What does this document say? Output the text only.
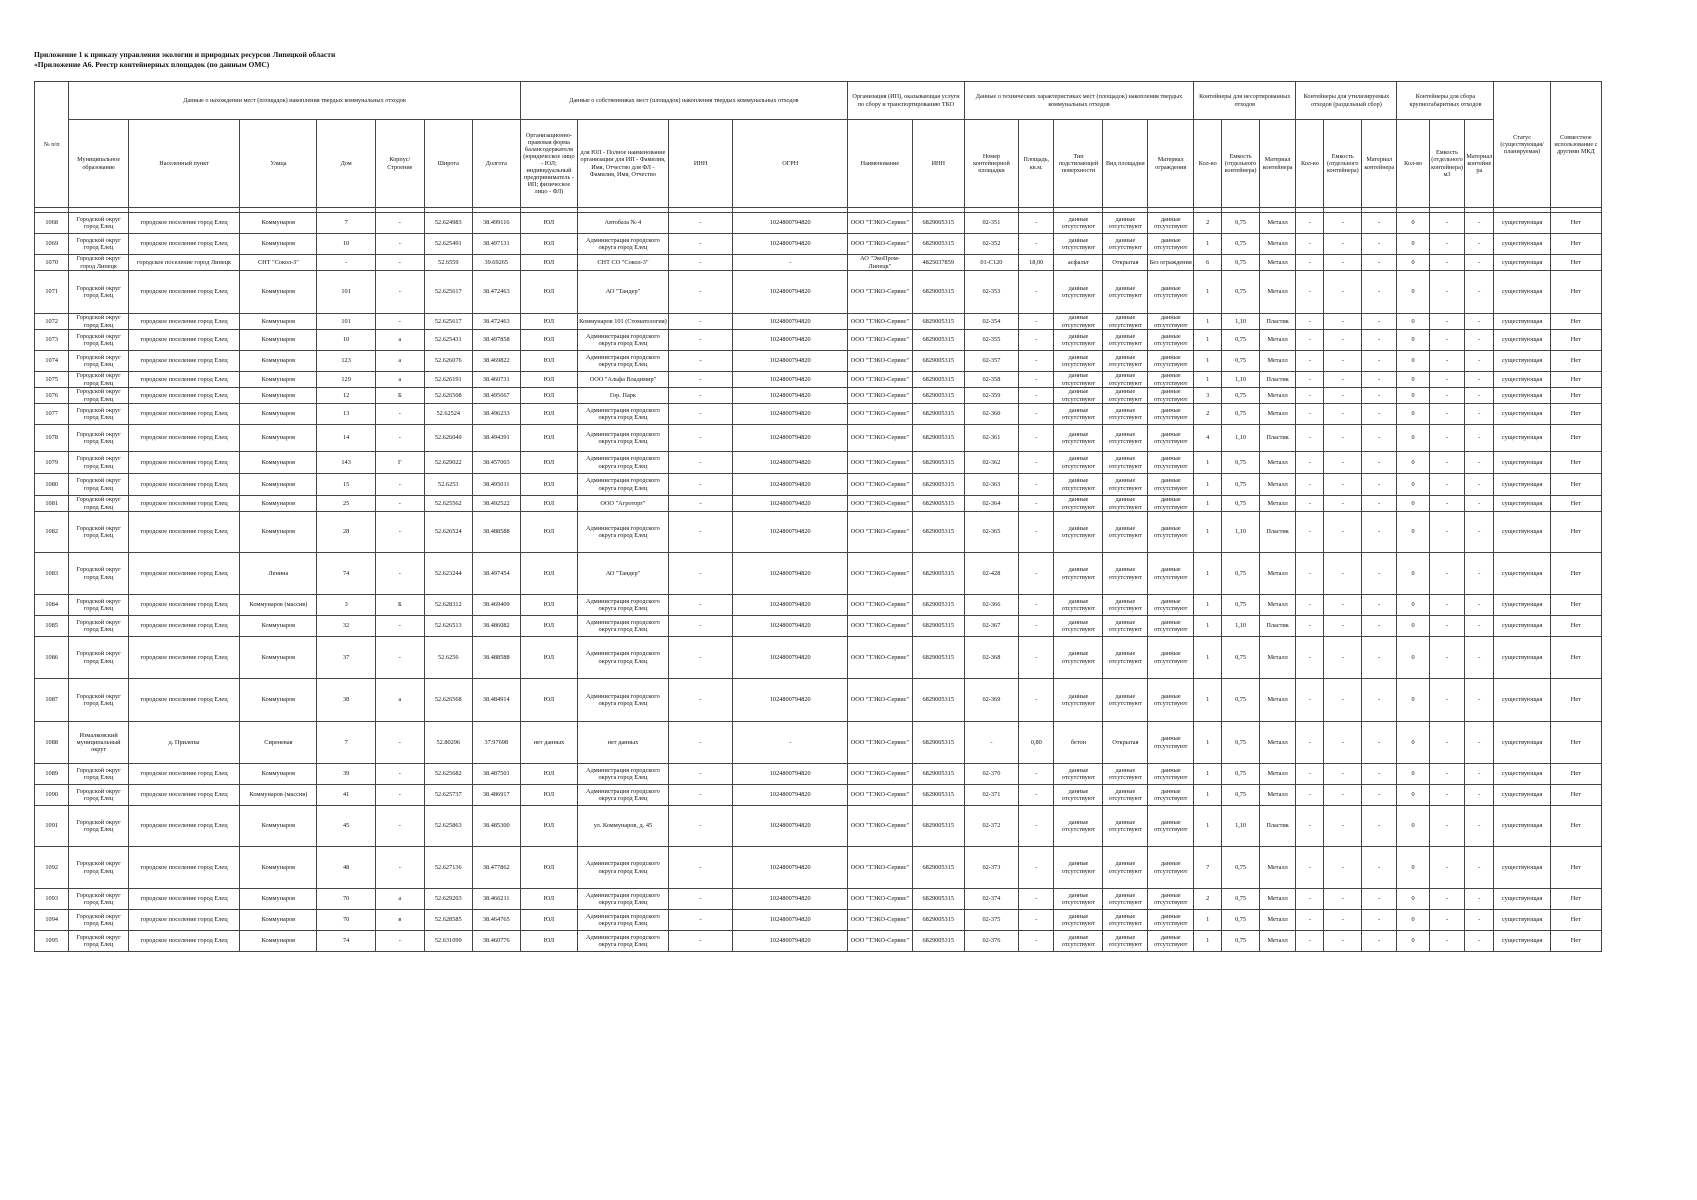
Приложение 1 к приказу управления экологии и природных ресурсов Липецкой области
«Приложение А6. Реестр контейнерных площадок (по данным ОМС)
№ п/п	Данные о нахождении мест (площадок) накопления твердых коммунальных отходов							Данные о собственниках мест (площадок) накопления твердых коммунальных отходов				Организация (ИП), оказывающая услуги по сбору и транспортированию ТКО		Данные о технических характеристиках мест (площадок) накопления твердых коммунальных отходов					Контейнеры для несортированных отходов			Контейнеры для утилизируемых отходов (раздельный сбор)			Контейнеры для сбора крупногабаритных отходов			Статус (существующая/планируемая)	Совместное использование с другими МКД
	Муниципальное образование	Населенный пункт	Улица	Дом	Корпус/Строение	Широта	Долгота	Организационно-правовая форма балансодержателя (юридическое лицо - ЮЛ; индивидуальный предприниматель - ИП; физическое лицо - ФЛ)	для ЮЛ - Полное наименование организации для ИП - Фамилия, Имя, Отчество для ФЛ - Фамилия, Имя, Отчество	ИНН	ОГРН	Наименование	ИНН	Номер контейнерной площадки	Площадь, кв.м.	Тип подстилающей поверхности	Вид площадки	Материал ограждения	Кол-во	Емкость (отдельного контейнера)	Материал контейнера	Кол-во	Емкость (отдельного контейнера)	Материал контейнера	Кол-во	Емкость (отдельного контейнера) м3	Материал контейнера		

1068	Городской округ город Елец	городское поселение город Елец	Коммунаров	7	-	52.624983	38.499116	ЮЛ	Автобаза № 4	-	1024800794820	ООО "ТЭКО-Сервис"	6829005315	02-351	-	данные отсутствуют	данные отсутствуют	данные отсутствуют	2	0,75	Металл	-	-	-	0	-	-	существующая	Нет
1069	Городской округ город Елец	городское поселение город Елец	Коммунаров	10	-	52.625491	38.497131	ЮЛ	Администрация городского округа город Елец	-	1024800794820	ООО "ТЭКО-Сервис"	6829005315	02-352	-	данные отсутствуют	данные отсутствуют	данные отсутствуют	1	0,75	Металл	-	-	-	0	-	-	существующая	Нет
1070	Городской округ город Липецк	городское поселение город Липецк	СНТ "Сокол-3"	-	-	52.6559	39.69265	ЮЛ	СНТ СО "Сокол-3"	-	-	АО "ЭкоПром-Липецк"	4825037859	01-С120	18,00	асфальт	Открытая	Без ограждения	6	0,75	Металл	-	-	-	0	-	-	существующая	Нет
1071	Городской округ город Елец	городское поселение город Елец	Коммунаров	101	-	52.625617	38.472463	ЮЛ	АО "Тандер"	-	1024800794820	ООО "ТЭКО-Сервис"	6829005315	02-353	-	данные отсутствуют	данные отсутствуют	данные отсутствуют	1	0,75	Металл	-	-	-	0	-	-	существующая	Нет
1072	Городской округ город Елец	городское поселение город Елец	Коммунаров	101	-	52.625617	38.472463	ЮЛ	Коммунаров 101 (Стоматология)	-	1024800794820	ООО "ТЭКО-Сервис"	6829005315	02-354	-	данные отсутствуют	данные отсутствуют	данные отсутствуют	1	1,10	Пластик	-	-	-	0	-	-	существующая	Нет
1073	Городской округ город Елец	городское поселение город Елец	Коммунаров	10	а	52.625431	38.497858	ЮЛ	Администрация городского округа город Елец	-	1024800794820	ООО "ТЭКО-Сервис"	6829005315	02-355	-	данные отсутствуют	данные отсутствуют	данные отсутствуют	1	0,75	Металл	-	-	-	0	-	-	существующая	Нет
1074	Городской округ город Елец	городское поселение город Елец	Коммунаров	123	а	52.626076	38.469822	ЮЛ	Администрация городского округа город Елец	-	1024800794820	ООО "ТЭКО-Сервис"	6829005315	02-357	-	данные отсутствуют	данные отсутствуют	данные отсутствуют	1	0,75	Металл	-	-	-	0	-	-	существующая	Нет
1075	Городской округ город Елец	городское поселение город Елец	Коммунаров	129	а	52.626191	38.460731	ЮЛ	ООО "Альфа Владимир"	-	1024800794820	ООО "ТЭКО-Сервис"	6829005315	02-358	-	данные отсутствуют	данные отсутствуют	данные отсутствуют	1	1,10	Пластик	-	-	-	0	-	-	существующая	Нет
1076	Городской округ город Елец	городское поселение город Елец	Коммунаров	12	Б	52.626508	38.495667	ЮЛ	Гор. Парк	-	1024800794820	ООО "ТЭКО-Сервис"	6829005315	02-359	-	данные отсутствуют	данные отсутствуют	данные отсутствуют	3	0,75	Металл	-	-	-	0	-	-	существующая	Нет
1077	Городской округ город Елец	городское поселение город Елец	Коммунаров	13	-	52.62524	38.496233	ЮЛ	Администрация городского округа город Елец	-	1024800794820	ООО "ТЭКО-Сервис"	6829005315	02-360	-	данные отсутствуют	данные отсутствуют	данные отсутствуют	2	0,75	Металл	-	-	-	0	-	-	существующая	Нет
1078	Городской округ город Елец	городское поселение город Елец	Коммунаров	14	-	52.626049	38.494391	ЮЛ	Администрация городского округа город Елец	-	1024800794820	ООО "ТЭКО-Сервис"	6829005315	02-361	-	данные отсутствуют	данные отсутствуют	данные отсутствуют	4	1,10	Пластик	-	-	-	0	-	-	существующая	Нет
1079	Городской округ город Елец	городское поселение город Елец	Коммунаров	143	Г	52.629022	38.457003	ЮЛ	Администрация городского округа город Елец	-	1024800794820	ООО "ТЭКО-Сервис"	6829005315	02-362	-	данные отсутствуют	данные отсутствуют	данные отсутствуют	1	0,75	Металл	-	-	-	0	-	-	существующая	Нет
1080	Городской округ город Елец	городское поселение город Елец	Коммунаров	15	-	52.6253	38.495011	ЮЛ	Администрация городского округа город Елец	-	1024800794820	ООО "ТЭКО-Сервис"	6829005315	02-363	-	данные отсутствуют	данные отсутствуют	данные отсутствуют	1	0,75	Металл	-	-	-	0	-	-	существующая	Нет
1081	Городской округ город Елец	городское поселение город Елец	Коммунаров	25	-	52.625562	38.492522	ЮЛ	ООО "Агроторг"	-	1024800794820	ООО "ТЭКО-Сервис"	6829005315	02-364	-	данные отсутствуют	данные отсутствуют	данные отсутствуют	1	0,75	Металл	-	-	-	0	-	-	существующая	Нет
1082	Городской округ город Елец	городское поселение город Елец	Коммунаров	28	-	52.626524	38.488588	ЮЛ	Администрация городского округа город Елец	-	1024800794820	ООО "ТЭКО-Сервис"	6829005315	02-365	-	данные отсутствуют	данные отсутствуют	данные отсутствуют	1	1,10	Пластик	-	-	-	0	-	-	существующая	Нет
1083	Городской округ город Елец	городское поселение город Елец	Ленина	74	-	52.623244	38.497454	ЮЛ	АО "Тандер"	-	1024800794820	ООО "ТЭКО-Сервис"	6829005315	02-428	-	данные отсутствуют	данные отсутствуют	данные отсутствуют	1	0,75	Металл	-	-	-	0	-	-	существующая	Нет
1084	Городской округ город Елец	городское поселение город Елец	Коммунаров (массив)	3	Б	52.628312	38.469409	ЮЛ	Администрация городского округа город Елец	-	1024800794820	ООО "ТЭКО-Сервис"	6829005315	02-366	-	данные отсутствуют	данные отсутствуют	данные отсутствуют	1	0,75	Металл	-	-	-	0	-	-	существующая	Нет
1085	Городской округ город Елец	городское поселение город Елец	Коммунаров	32	-	52.626513	38.486082	ЮЛ	Администрация городского округа город Елец	-	1024800794820	ООО "ТЭКО-Сервис"	6829005315	02-367	-	данные отсутствуют	данные отсутствуют	данные отсутствуют	1	1,10	Пластик	-	-	-	0	-	-	существующая	Нет
1086	Городской округ город Елец	городское поселение город Елец	Коммунаров	37	-	52.6256	38.488588	ЮЛ	Администрация городского округа город Елец	-	1024800794820	ООО "ТЭКО-Сервис"	6829005315	02-368	-	данные отсутствуют	данные отсутствуют	данные отсутствуют	1	0,75	Металл	-	-	-	0	-	-	существующая	Нет
1087	Городской округ город Елец	городское поселение город Елец	Коммунаров	38	а	52.626568	38.484914	ЮЛ	Администрация городского округа город Елец	-	1024800794820	ООО "ТЭКО-Сервис"	6829005315	02-369	-	данные отсутствуют	данные отсутствуют	данные отсутствуют	1	0,75	Металл	-	-	-	0	-	-	существующая	Нет
1088	Измалковский муниципальный округ	д. Прилепы	Сиреневая	7	-	52.80296	37.97698	нет данных	нет данных	-	-	ООО "ТЭКО-Сервис"	6829005315	-	0,80	бетон	Открытая	данные отсутствуют	1	0,75	Металл	-	-	-	0	-	-	существующая	Нет
1089	Городской округ город Елец	городское поселение город Елец	Коммунаров	39	-	52.625682	38.487501	ЮЛ	Администрация городского округа город Елец	-	1024800794820	ООО "ТЭКО-Сервис"	6829005315	02-370	-	данные отсутствуют	данные отсутствуют	данные отсутствуют	1	0,75	Металл	-	-	-	0	-	-	существующая	Нет
1090	Городской округ город Елец	городское поселение город Елец	Коммунаров (массив)	41	-	52.625737	38.486917	ЮЛ	Администрация городского округа город Елец	-	1024800794820	ООО "ТЭКО-Сервис"	6829005315	02-371	-	данные отсутствуют	данные отсутствуют	данные отсутствуют	1	0,75	Металл	-	-	-	0	-	-	существующая	Нет
1091	Городской округ город Елец	городское поселение город Елец	Коммунаров	45	-	52.625863	38.485300	ЮЛ	ул. Коммунаров, д. 45	-	1024800794820	ООО "ТЭКО-Сервис"	6829005315	02-372	-	данные отсутствуют	данные отсутствуют	данные отсутствуют	1	1,10	Пластик	-	-	-	0	-	-	существующая	Нет
1092	Городской округ город Елец	городское поселение город Елец	Коммунаров	48	-	52.627136	38.477862	ЮЛ	Администрация городского округа город Елец	-	1024800794820	ООО "ТЭКО-Сервис"	6829005315	02-373	-	данные отсутствуют	данные отсутствуют	данные отсутствуют	7	0,75	Металл	-	-	-	0	-	-	существующая	Нет
1093	Городской округ город Елец	городское поселение город Елец	Коммунаров	70	а	52.629203	38.466211	ЮЛ	Администрация городского округа город Елец	-	1024800794820	ООО "ТЭКО-Сервис"	6829005315	02-374	-	данные отсутствуют	данные отсутствуют	данные отсутствуют	2	0,75	Металл	-	-	-	0	-	-	существующая	Нет
1094	Городской округ город Елец	городское поселение город Елец	Коммунаров	70	в	52.628585	38.464765	ЮЛ	Администрация городского округа город Елец	-	1024800794820	ООО "ТЭКО-Сервис"	6829005315	02-375	-	данные отсутствуют	данные отсутствуют	данные отсутствуют	1	0,75	Металл	-	-	-	0	-	-	существующая	Нет
1095	Городской округ город Елец	городское поселение город Елец	Коммунаров	74	-	52.631099	38.460776	ЮЛ	Администрация городского округа город Елец	-	1024800794820	ООО "ТЭКО-Сервис"	6829005315	02-376	-	данные отсутствуют	данные отсутствуют	данные отсутствуют	1	0,75	Металл	-	-	-	0	-	-	существующая	Нет
